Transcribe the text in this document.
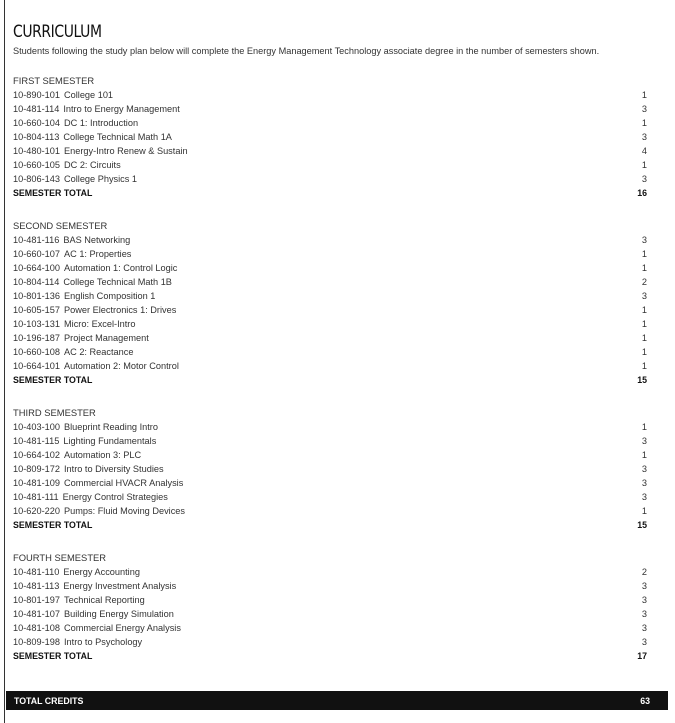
CURRICULUM

Students following the study plan below will complete the Energy Management Technology associate degree in the number of semesters shown.

FIRST SEMESTER
10-890-101 College 101	1
10-481-114 Intro to Energy Management	3
10-660-104 DC 1: Introduction	1
10-804-113 College Technical Math 1A	3
10-480-101 Energy-Intro Renew & Sustain	4
10-660-105 DC 2: Circuits	1
10-806-143 College Physics 1	3
SEMESTER TOTAL	16
SECOND SEMESTER
10-481-116 BAS Networking	3
10-660-107 AC 1: Properties	1
10-664-100 Automation 1: Control Logic	1
10-804-114 College Technical Math 1B	2
10-801-136 English Composition 1	3
10-605-157 Power Electronics 1: Drives	1
10-103-131 Micro: Excel-Intro	1
10-196-187 Project Management	1
10-660-108 AC 2: Reactance	1
10-664-101 Automation 2: Motor Control	1
SEMESTER TOTAL	15
THIRD SEMESTER
10-403-100 Blueprint Reading Intro	1
10-481-115 Lighting Fundamentals	3
10-664-102 Automation 3: PLC	1
10-809-172 Intro to Diversity Studies	3
10-481-109 Commercial HVACR Analysis	3
10-481-111 Energy Control Strategies	3
10-620-220 Pumps: Fluid Moving Devices	1
SEMESTER TOTAL	15
FOURTH SEMESTER
10-481-110 Energy Accounting	2
10-481-113 Energy Investment Analysis	3
10-801-197 Technical Reporting	3
10-481-107 Building Energy Simulation	3
10-481-108 Commercial Energy Analysis	3
10-809-198 Intro to Psychology	3
SEMESTER TOTAL	17
TOTAL CREDITS	63
